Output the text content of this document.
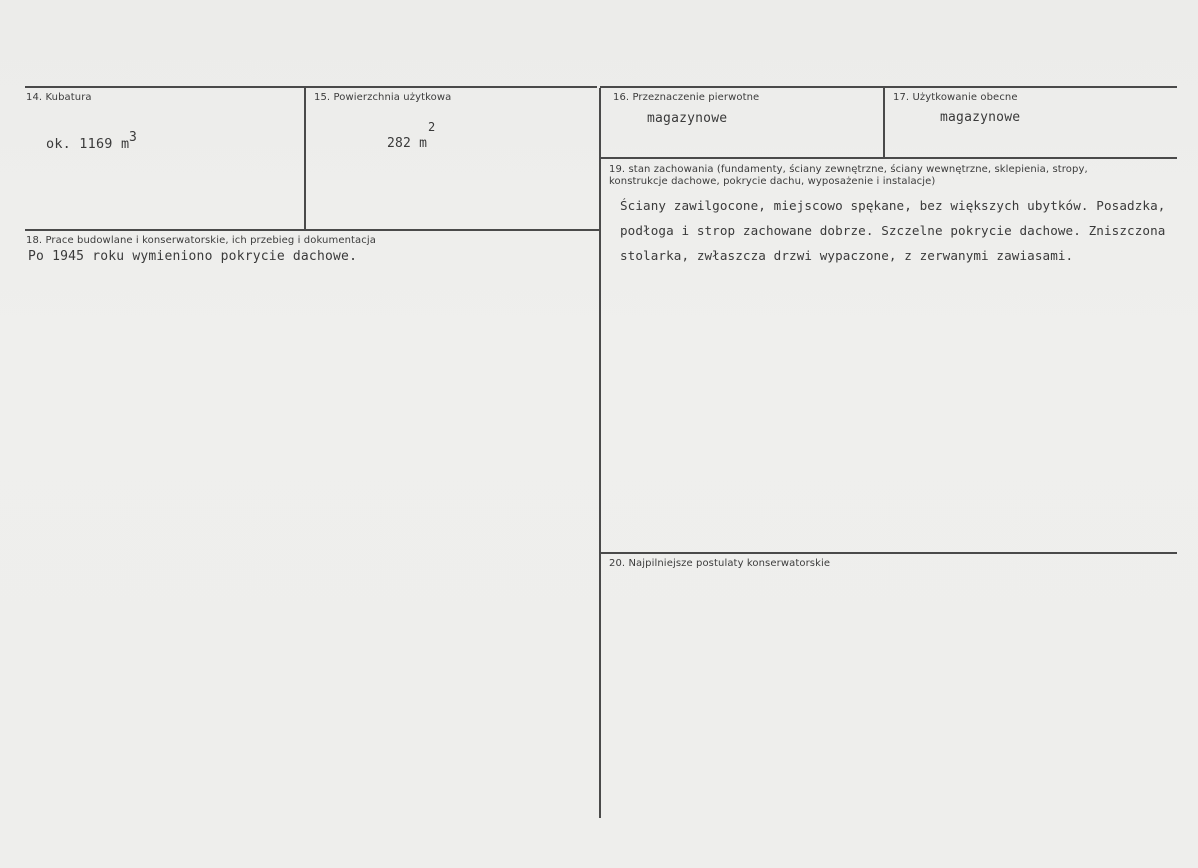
14. Kubatura
ok. 1169 m 3
15. Powierzchnia użytkowa
2
282 m
16. Przeznaczenie pierwotne
magazynowe
17. Użytkowanie obecne
magazynowe
18. Prace budowlane i konserwatorskie, ich przebieg i dokumentacja
Po 1945 roku wymieniono pokrycie dachowe.
19. stan zachowania (fundamenty, ściany zewnętrzne, ściany wewnętrzne, sklepienia, stropy, konstrukcje dachowe, pokrycie dachu, wyposażenie i instalacje)
Ściany zawilgocone, miejscowo spękane, bez większych ubytków. Posadzka, podłoga i strop zachowane dobrze. Szczelne pokrycie dachowe. Zniszczona stolarka, zwłaszcza drzwi wypaczone, z zerwanymi zawiasami.
20. Najpilniejsze postulaty konserwatorskie
